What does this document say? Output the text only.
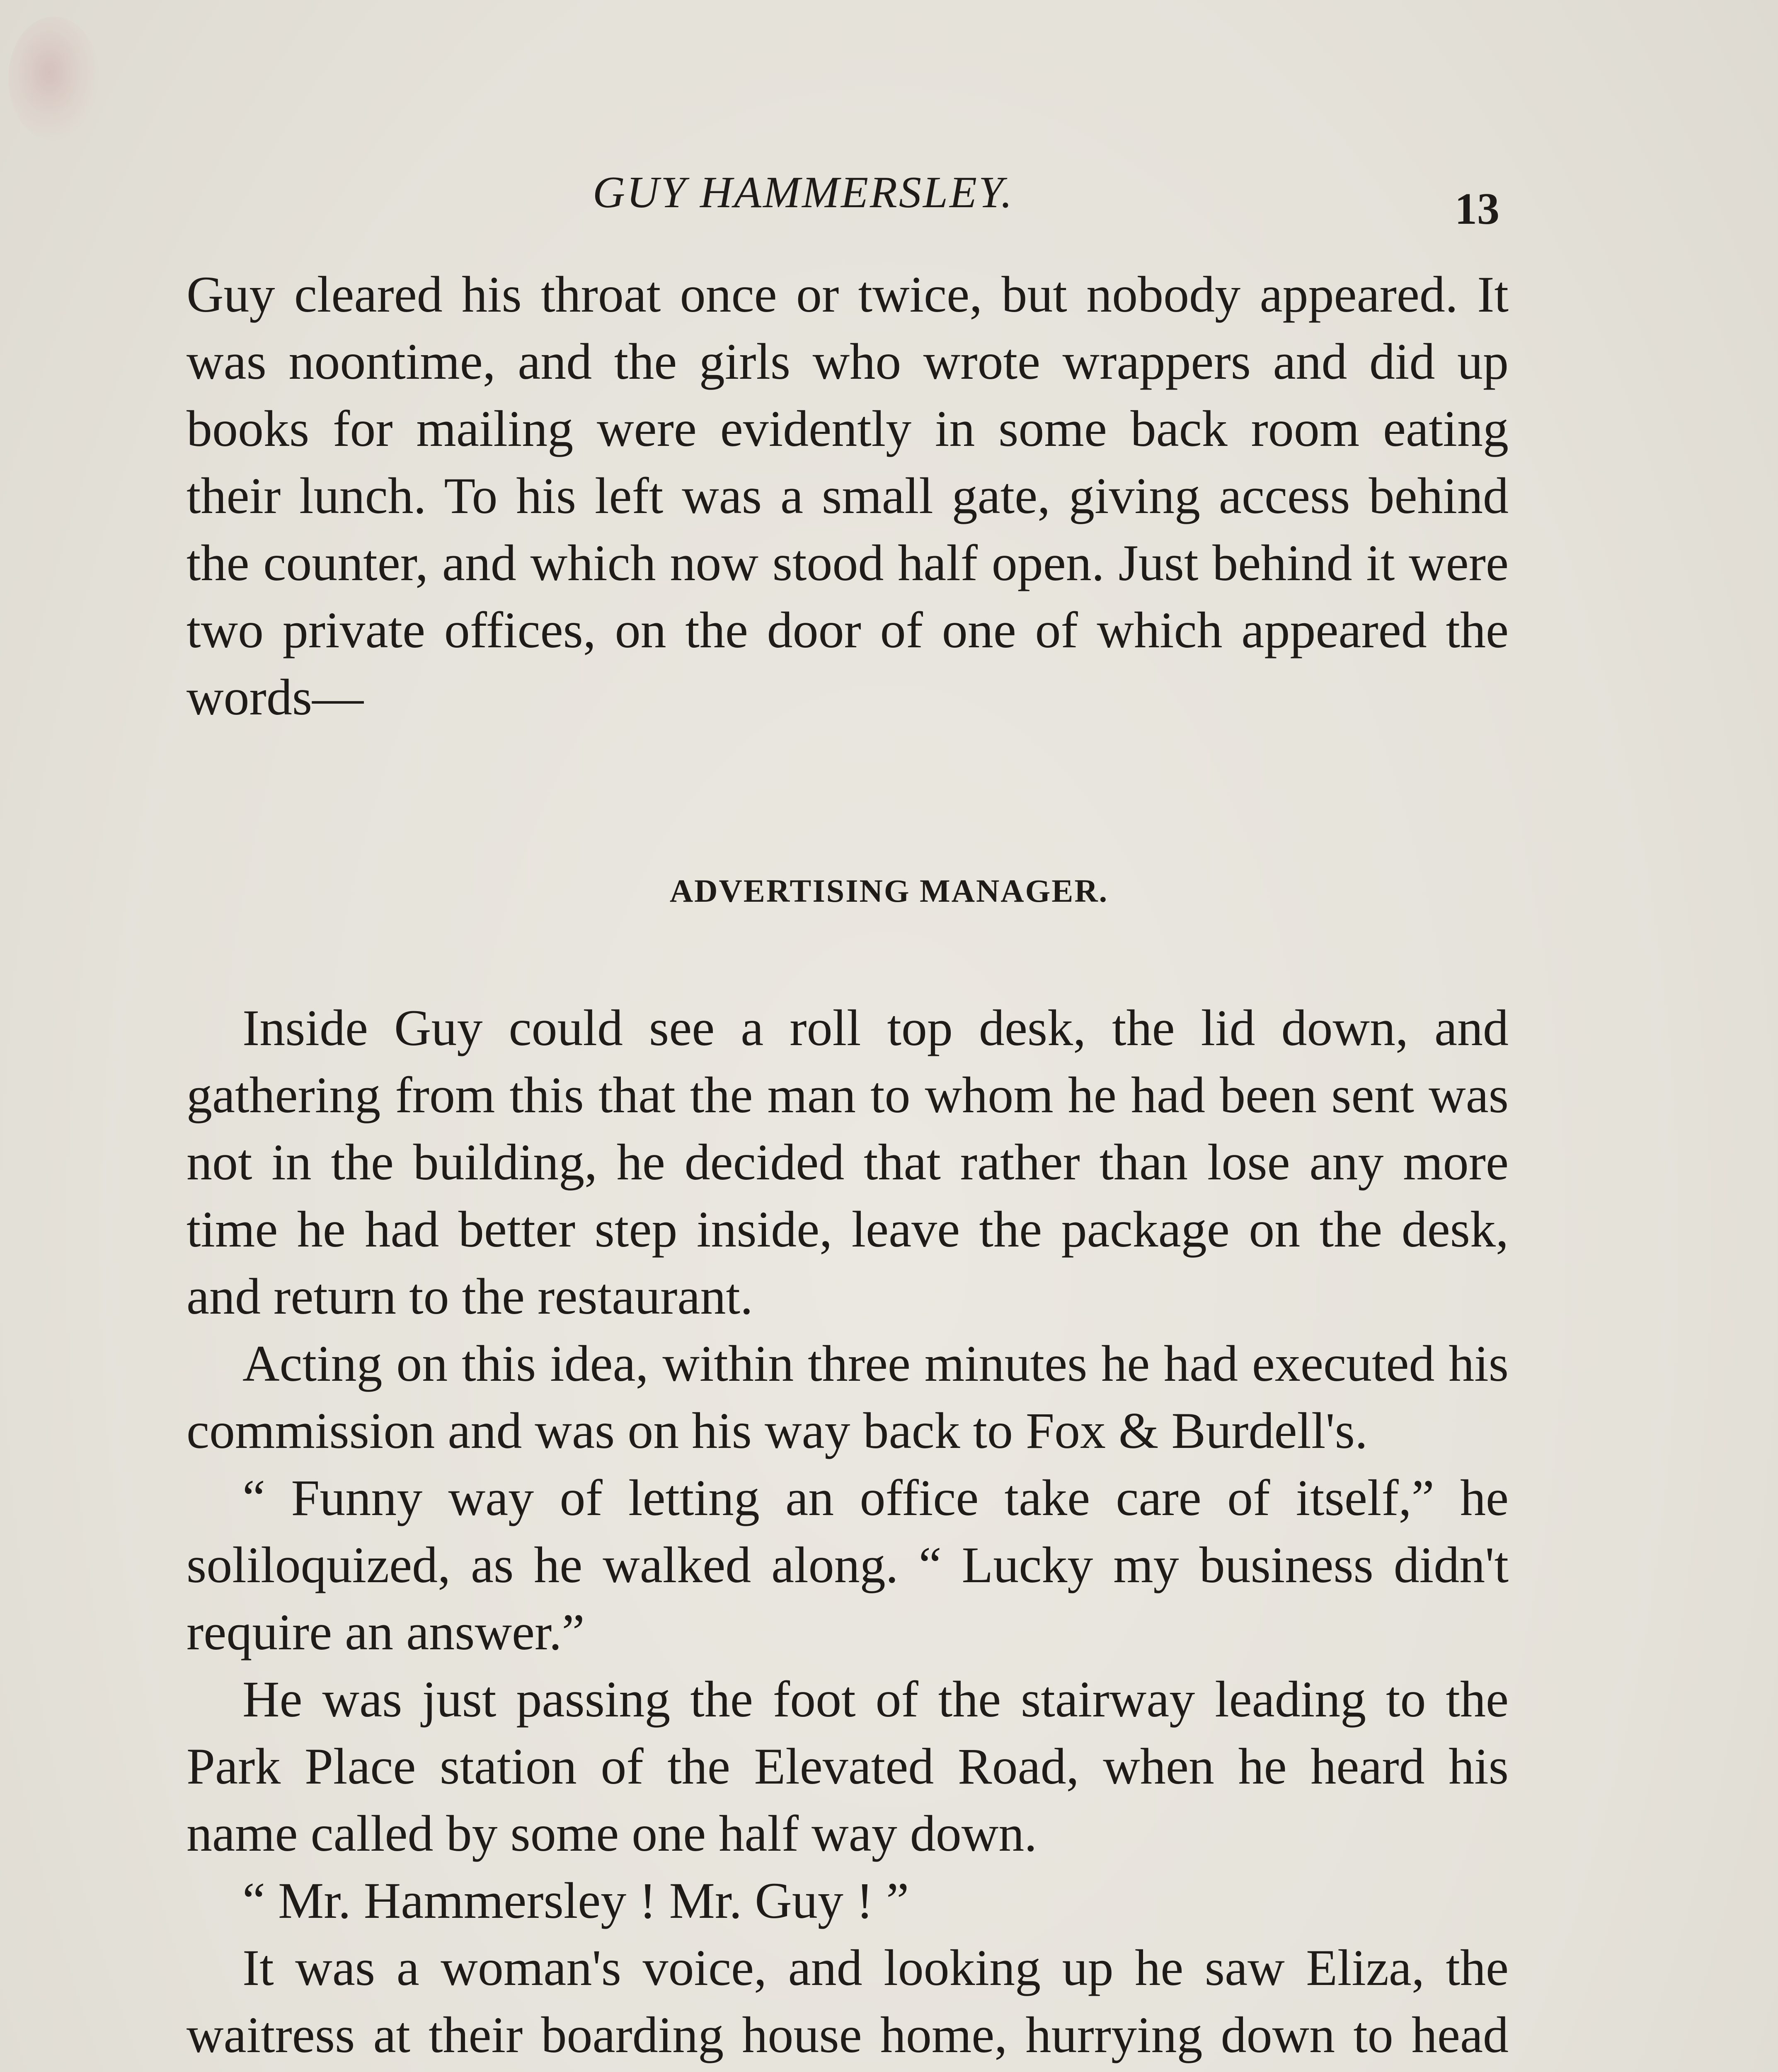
GUY HAMMERSLEY.	13

Guy cleared his throat once or twice, but nobody appeared. It was noontime, and the girls who wrote wrappers and did up books for mailing were evidently in some back room eating their lunch. To his left was a small gate, giving access behind the counter, and which now stood half open. Just behind it were two private offices, on the door of one of which appeared the words—

ADVERTISING MANAGER.

Inside Guy could see a roll top desk, the lid down, and gathering from this that the man to whom he had been sent was not in the building, he decided that rather than lose any more time he had better step inside, leave the package on the desk, and return to the restaurant.

Acting on this idea, within three minutes he had executed his commission and was on his way back to Fox & Burdell's.

“ Funny way of letting an office take care of itself,” he soliloquized, as he walked along. “ Lucky my business didn't require an answer.”

He was just passing the foot of the stairway leading to the Park Place station of the Elevated Road, when he heard his name called by some one half way down.

“ Mr. Hammersley ! Mr. Guy ! ”

It was a woman's voice, and looking up he saw Eliza, the waitress at their boarding house home, hurrying down to head
